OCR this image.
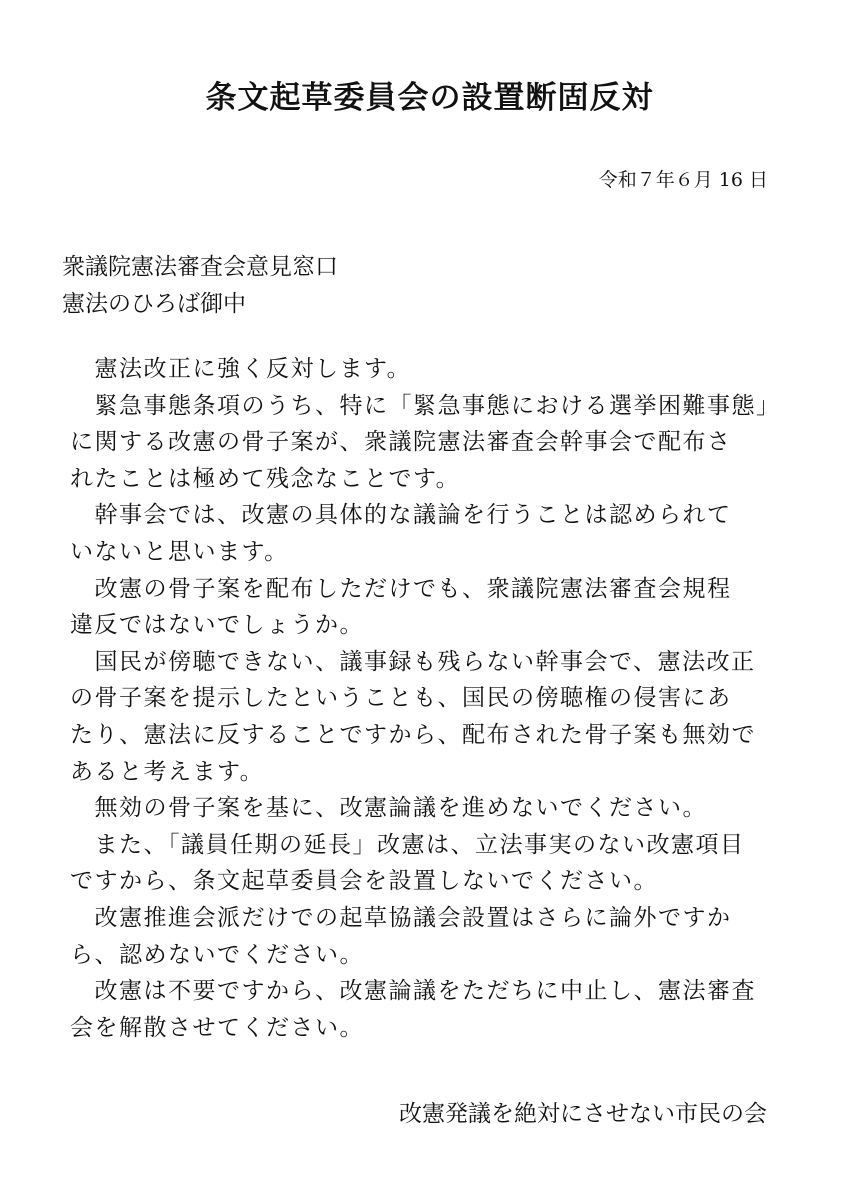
条文起草委員会の設置断固反対
令和７年６月 16 日
衆議院憲法審査会意見窓口
憲法のひろば御中

　憲法改正に強く反対します。

　緊急事態条項のうち、特に「緊急事態における選挙困難事態」

に関する改憲の骨子案が、衆議院憲法審査会幹事会で配布さ

れたことは極めて残念なことです。

　幹事会では、改憲の具体的な議論を行うことは認められて

いないと思います。

　改憲の骨子案を配布しただけでも、衆議院憲法審査会規程

違反ではないでしょうか。

　国民が傍聴できない、議事録も残らない幹事会で、憲法改正

の骨子案を提示したということも、国民の傍聴権の侵害にあ

たり、憲法に反することですから、配布された骨子案も無効で

あると考えます。

　無効の骨子案を基に、改憲論議を進めないでください。

　また、「議員任期の延長」改憲は、立法事実のない改憲項目

ですから、条文起草委員会を設置しないでください。

　改憲推進会派だけでの起草協議会設置はさらに論外ですか

ら、認めないでください。

　改憲は不要ですから、改憲論議をただちに中止し、憲法審査

会を解散させてください。

改憲発議を絶対にさせない市民の会
